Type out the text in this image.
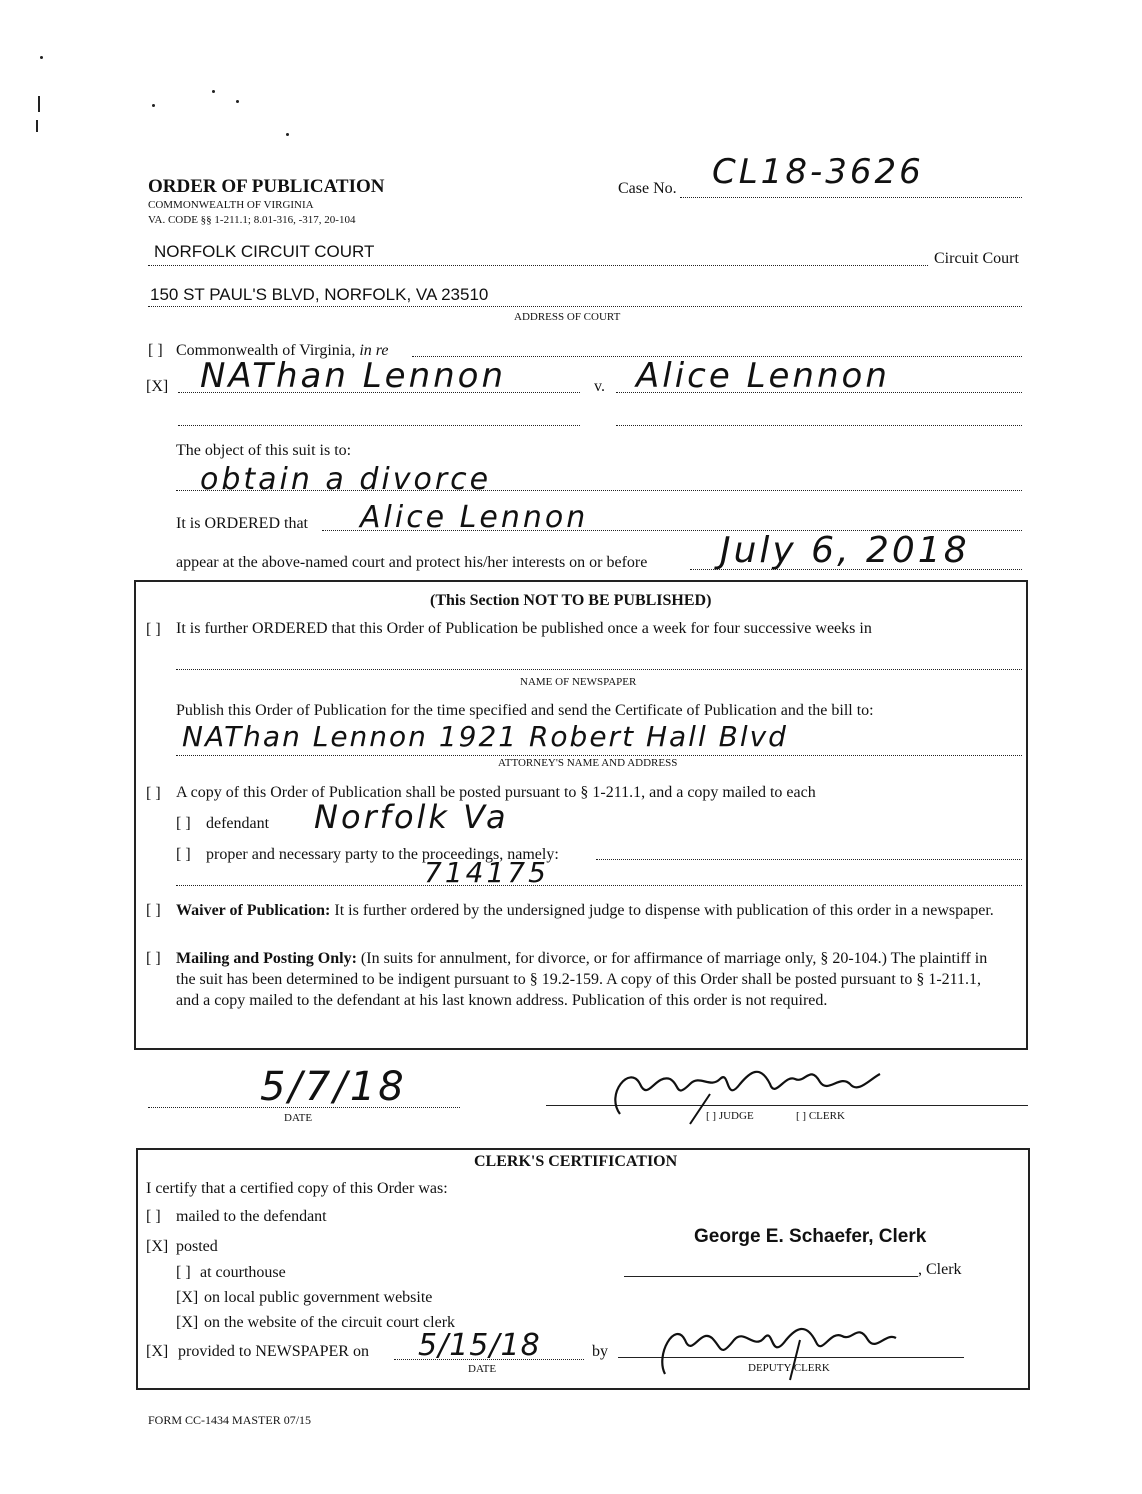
ORDER OF PUBLICATION
COMMONWEALTH OF VIRGINIA
VA. CODE §§ 1-211.1; 8.01-316, -317, 20-104
Case No. CL18-3626
NORFOLK CIRCUIT COURT	Circuit Court
150 ST PAUL'S BLVD, NORFOLK, VA 23510
ADDRESS OF COURT
[ ] Commonwealth of Virginia, in re
[X] NAThan Lennon	v. Alice Lennon
The object of this suit is to:
obtain a divorce
It is ORDERED that Alice Lennon
appear at the above-named court and protect his/her interests on or before July 6, 2018
(This Section NOT TO BE PUBLISHED)
[ ] It is further ORDERED that this Order of Publication be published once a week for four successive weeks in
NAME OF NEWSPAPER
Publish this Order of Publication for the time specified and send the Certificate of Publication and the bill to:
NAThan Lennon 1921 Robert Hall Blvd
ATTORNEY'S NAME AND ADDRESS
[ ] A copy of this Order of Publication shall be posted pursuant to § 1-211.1, and a copy mailed to each
[ ] defendant Norfolk Va
[ ] proper and necessary party to the proceedings, namely:
714175
[ ] Waiver of Publication: It is further ordered by the undersigned judge to dispense with publication of this order in a newspaper.
[ ] Mailing and Posting Only: (In suits for annulment, for divorce, or for affirmance of marriage only, § 20-104.) The plaintiff in the suit has been determined to be indigent pursuant to § 19.2-159. A copy of this Order shall be posted pursuant to § 1-211.1, and a copy mailed to the defendant at his last known address. Publication of this order is not required.
5/7/18
DATE	[ ] JUDGE	[ ] CLERK
CLERK'S CERTIFICATION
I certify that a certified copy of this Order was:
[ ] mailed to the defendant
[X] posted
[ ] at courthouse
[X] on local public government website
[X] on the website of the circuit court clerk
[X] provided to NEWSPAPER on 5/15/18
DATE
by
George E. Schaefer, Clerk
, Clerk
DEPUTY CLERK
FORM CC-1434 MASTER 07/15
